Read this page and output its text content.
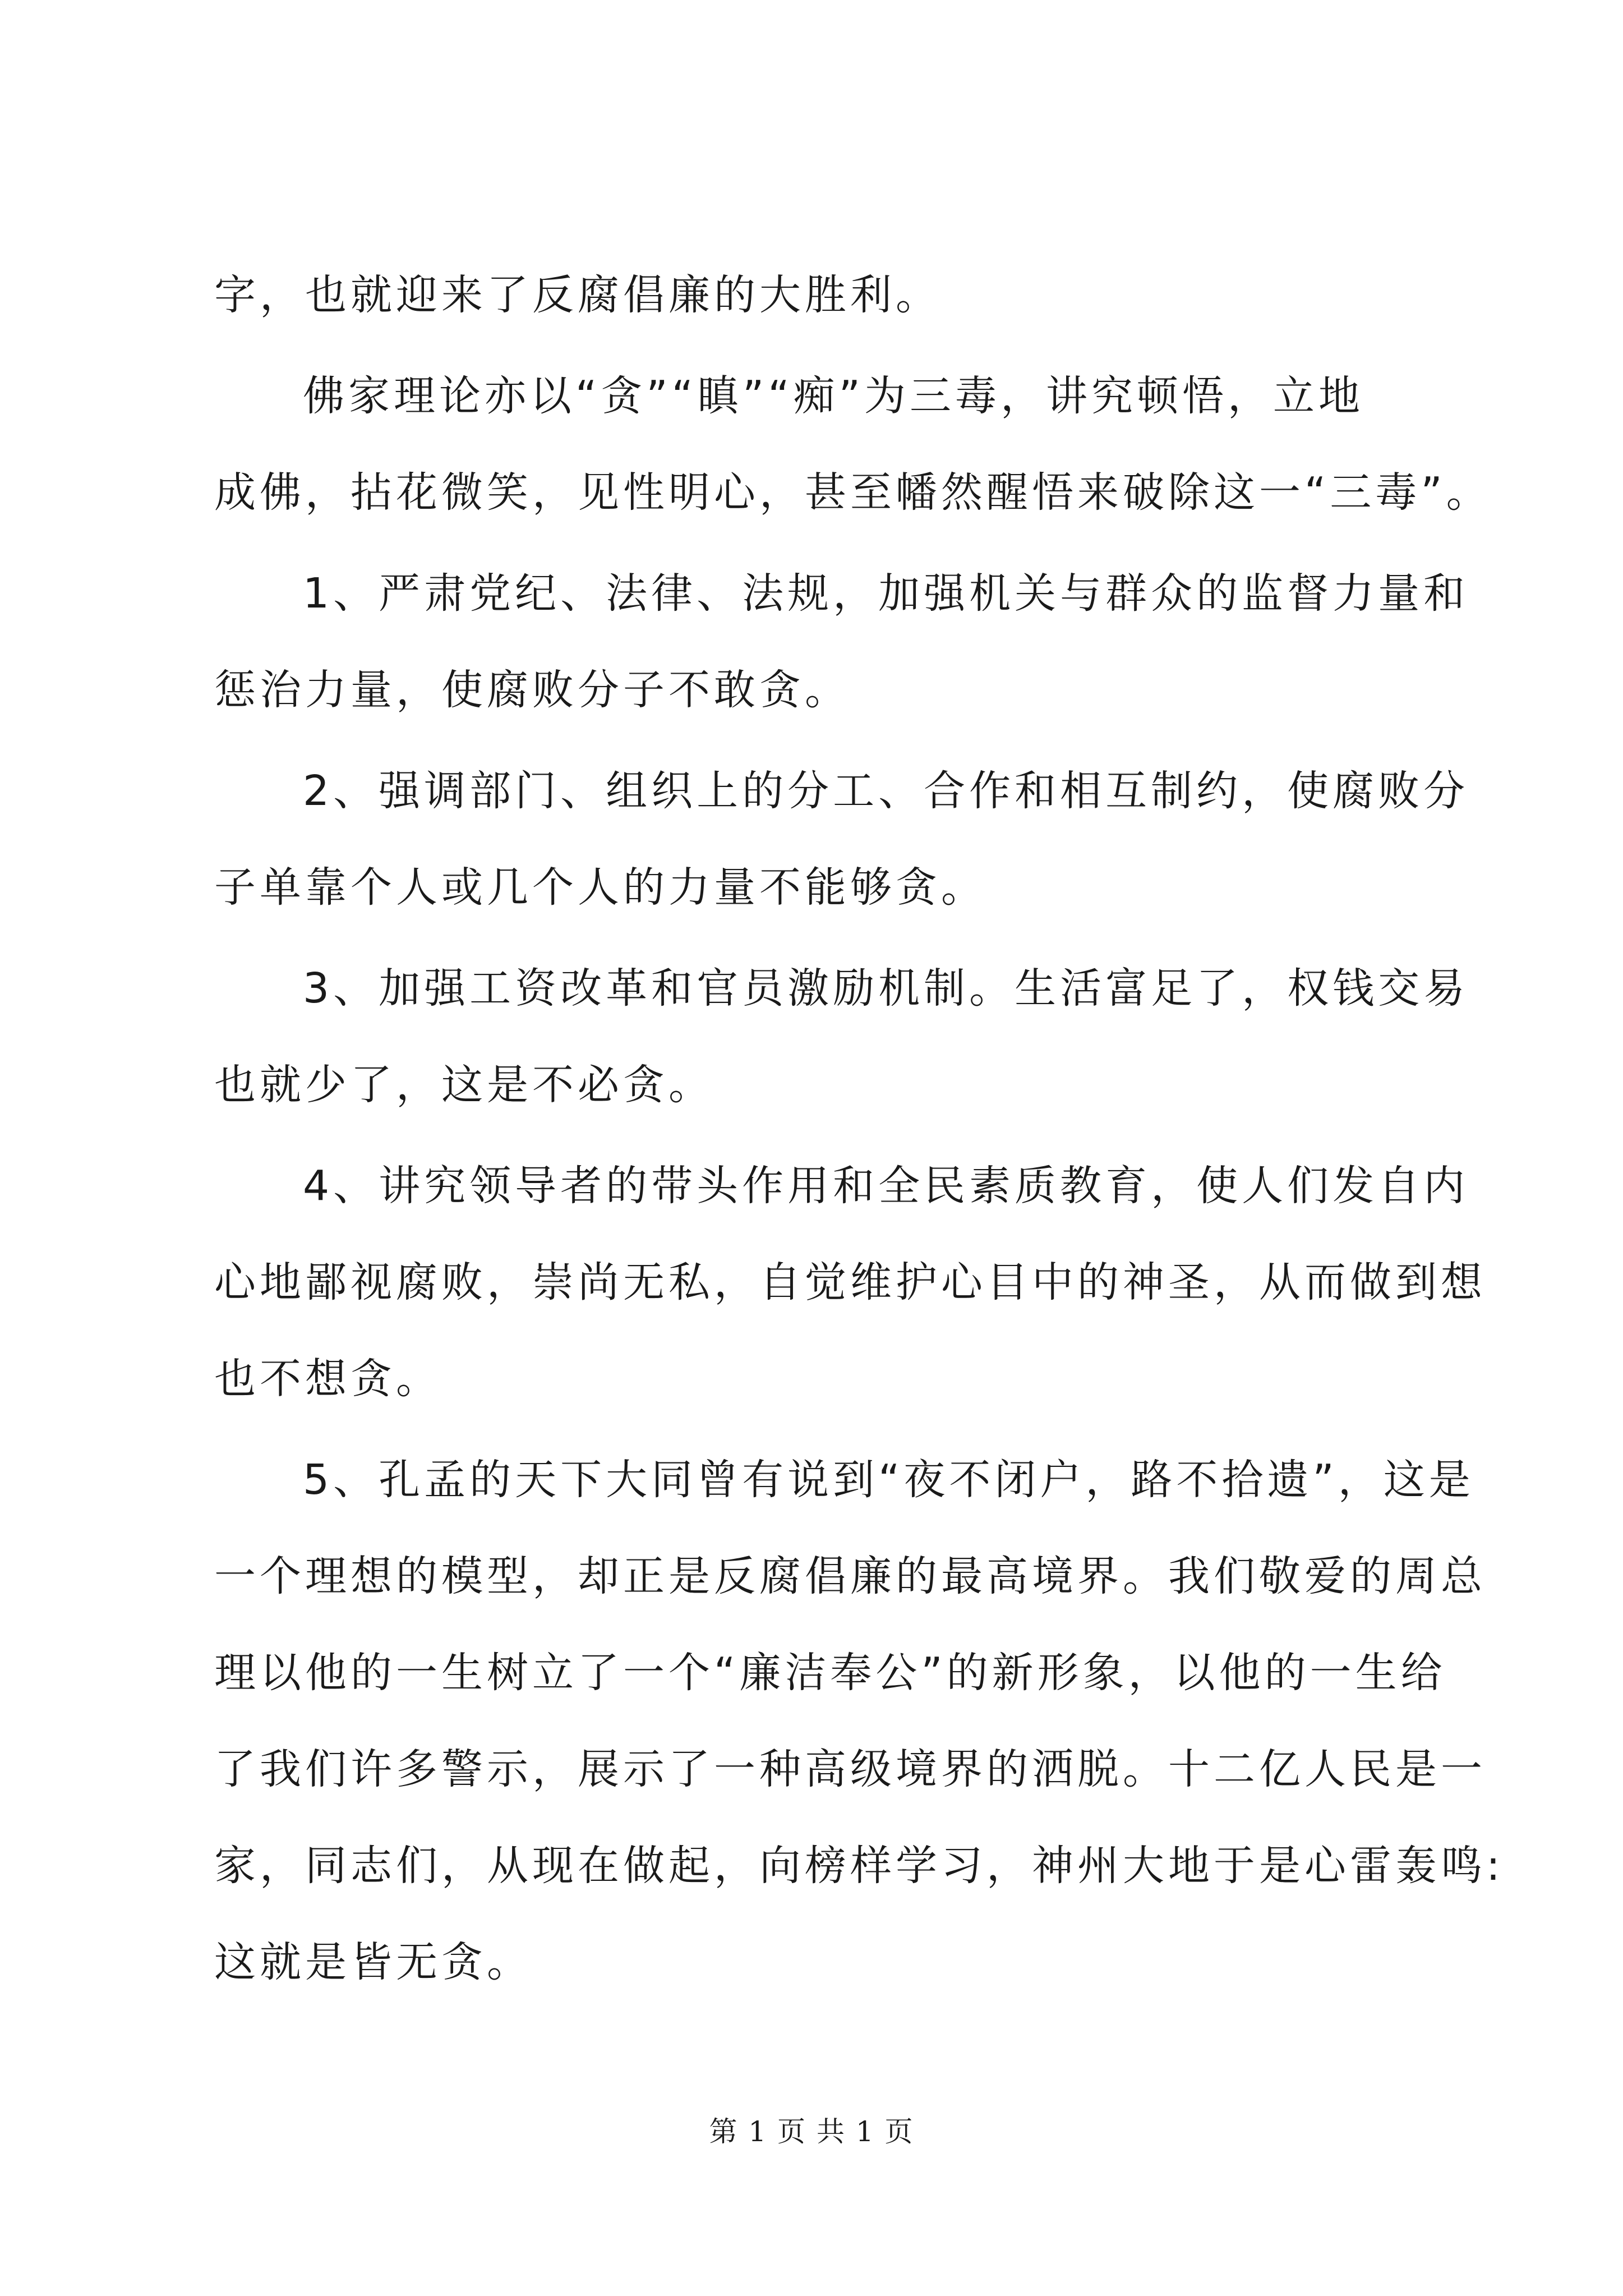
字，也就迎来了反腐倡廉的大胜利。
佛家理论亦以“贪”“瞋”“痴”为三毒，讲究顿悟，立地
成佛，拈花微笑，见性明心，甚至幡然醒悟来破除这一“三毒”。
1、严肃党纪、法律、法规，加强机关与群众的监督力量和
惩治力量，使腐败分子不敢贪。
2、强调部门、组织上的分工、合作和相互制约，使腐败分
子单靠个人或几个人的力量不能够贪。
3、加强工资改革和官员激励机制。生活富足了，权钱交易
也就少了，这是不必贪。
4、讲究领导者的带头作用和全民素质教育，使人们发自内
心地鄙视腐败，崇尚无私，自觉维护心目中的神圣，从而做到想
也不想贪。
5、孔孟的天下大同曾有说到“夜不闭户，路不拾遗”，这是
一个理想的模型，却正是反腐倡廉的最高境界。我们敬爱的周总
理以他的一生树立了一个“廉洁奉公”的新形象，以他的一生给
了我们许多警示，展示了一种高级境界的洒脱。十二亿人民是一
家，同志们，从现在做起，向榜样学习，神州大地于是心雷轰鸣:
这就是皆无贪。
第 1 页 共 1 页
